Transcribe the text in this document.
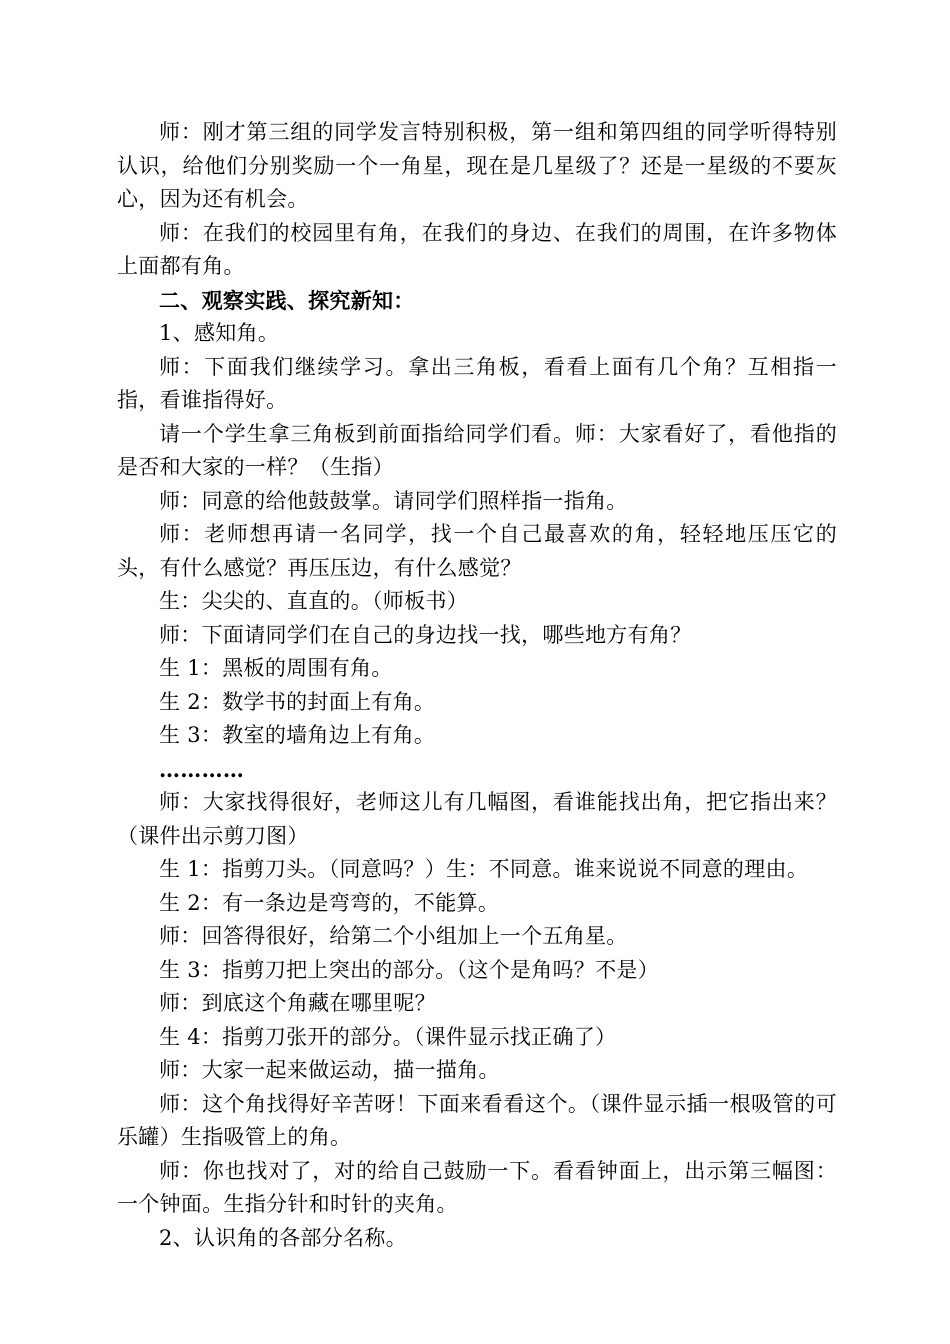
师：刚才第三组的同学发言特别积极，第一组和第四组的同学听得特别认识，给他们分别奖励一个一角星，现在是几星级了？还是一星级的不要灰心，因为还有机会。

师：在我们的校园里有角，在我们的身边、在我们的周围，在许多物体上面都有角。

二、观察实践、探究新知：

1、感知角。

师：下面我们继续学习。拿出三角板，看看上面有几个角？互相指一指，看谁指得好。

请一个学生拿三角板到前面指给同学们看。师：大家看好了，看他指的是否和大家的一样？（生指）

师：同意的给他鼓鼓掌。请同学们照样指一指角。

师：老师想再请一名同学，找一个自己最喜欢的角，轻轻地压压它的头，有什么感觉？再压压边，有什么感觉？

生：尖尖的、直直的。（师板书）

师：下面请同学们在自己的身边找一找，哪些地方有角？

生 1：黑板的周围有角。

生 2：数学书的封面上有角。

生 3：教室的墙角边上有角。

…………

师：大家找得很好，老师这儿有几幅图，看谁能找出角，把它指出来？（课件出示剪刀图）

生 1：指剪刀头。（同意吗？）生：不同意。谁来说说不同意的理由。

生 2：有一条边是弯弯的，不能算。

师：回答得很好，给第二个小组加上一个五角星。

生 3：指剪刀把上突出的部分。（这个是角吗？不是）

师：到底这个角藏在哪里呢？

生 4：指剪刀张开的部分。（课件显示找正确了）

师：大家一起来做运动，描一描角。

师：这个角找得好辛苦呀！下面来看看这个。（课件显示插一根吸管的可乐罐）生指吸管上的角。

师：你也找对了，对的给自己鼓励一下。看看钟面上，出示第三幅图：一个钟面。生指分针和时针的夹角。

2、认识角的各部分名称。
